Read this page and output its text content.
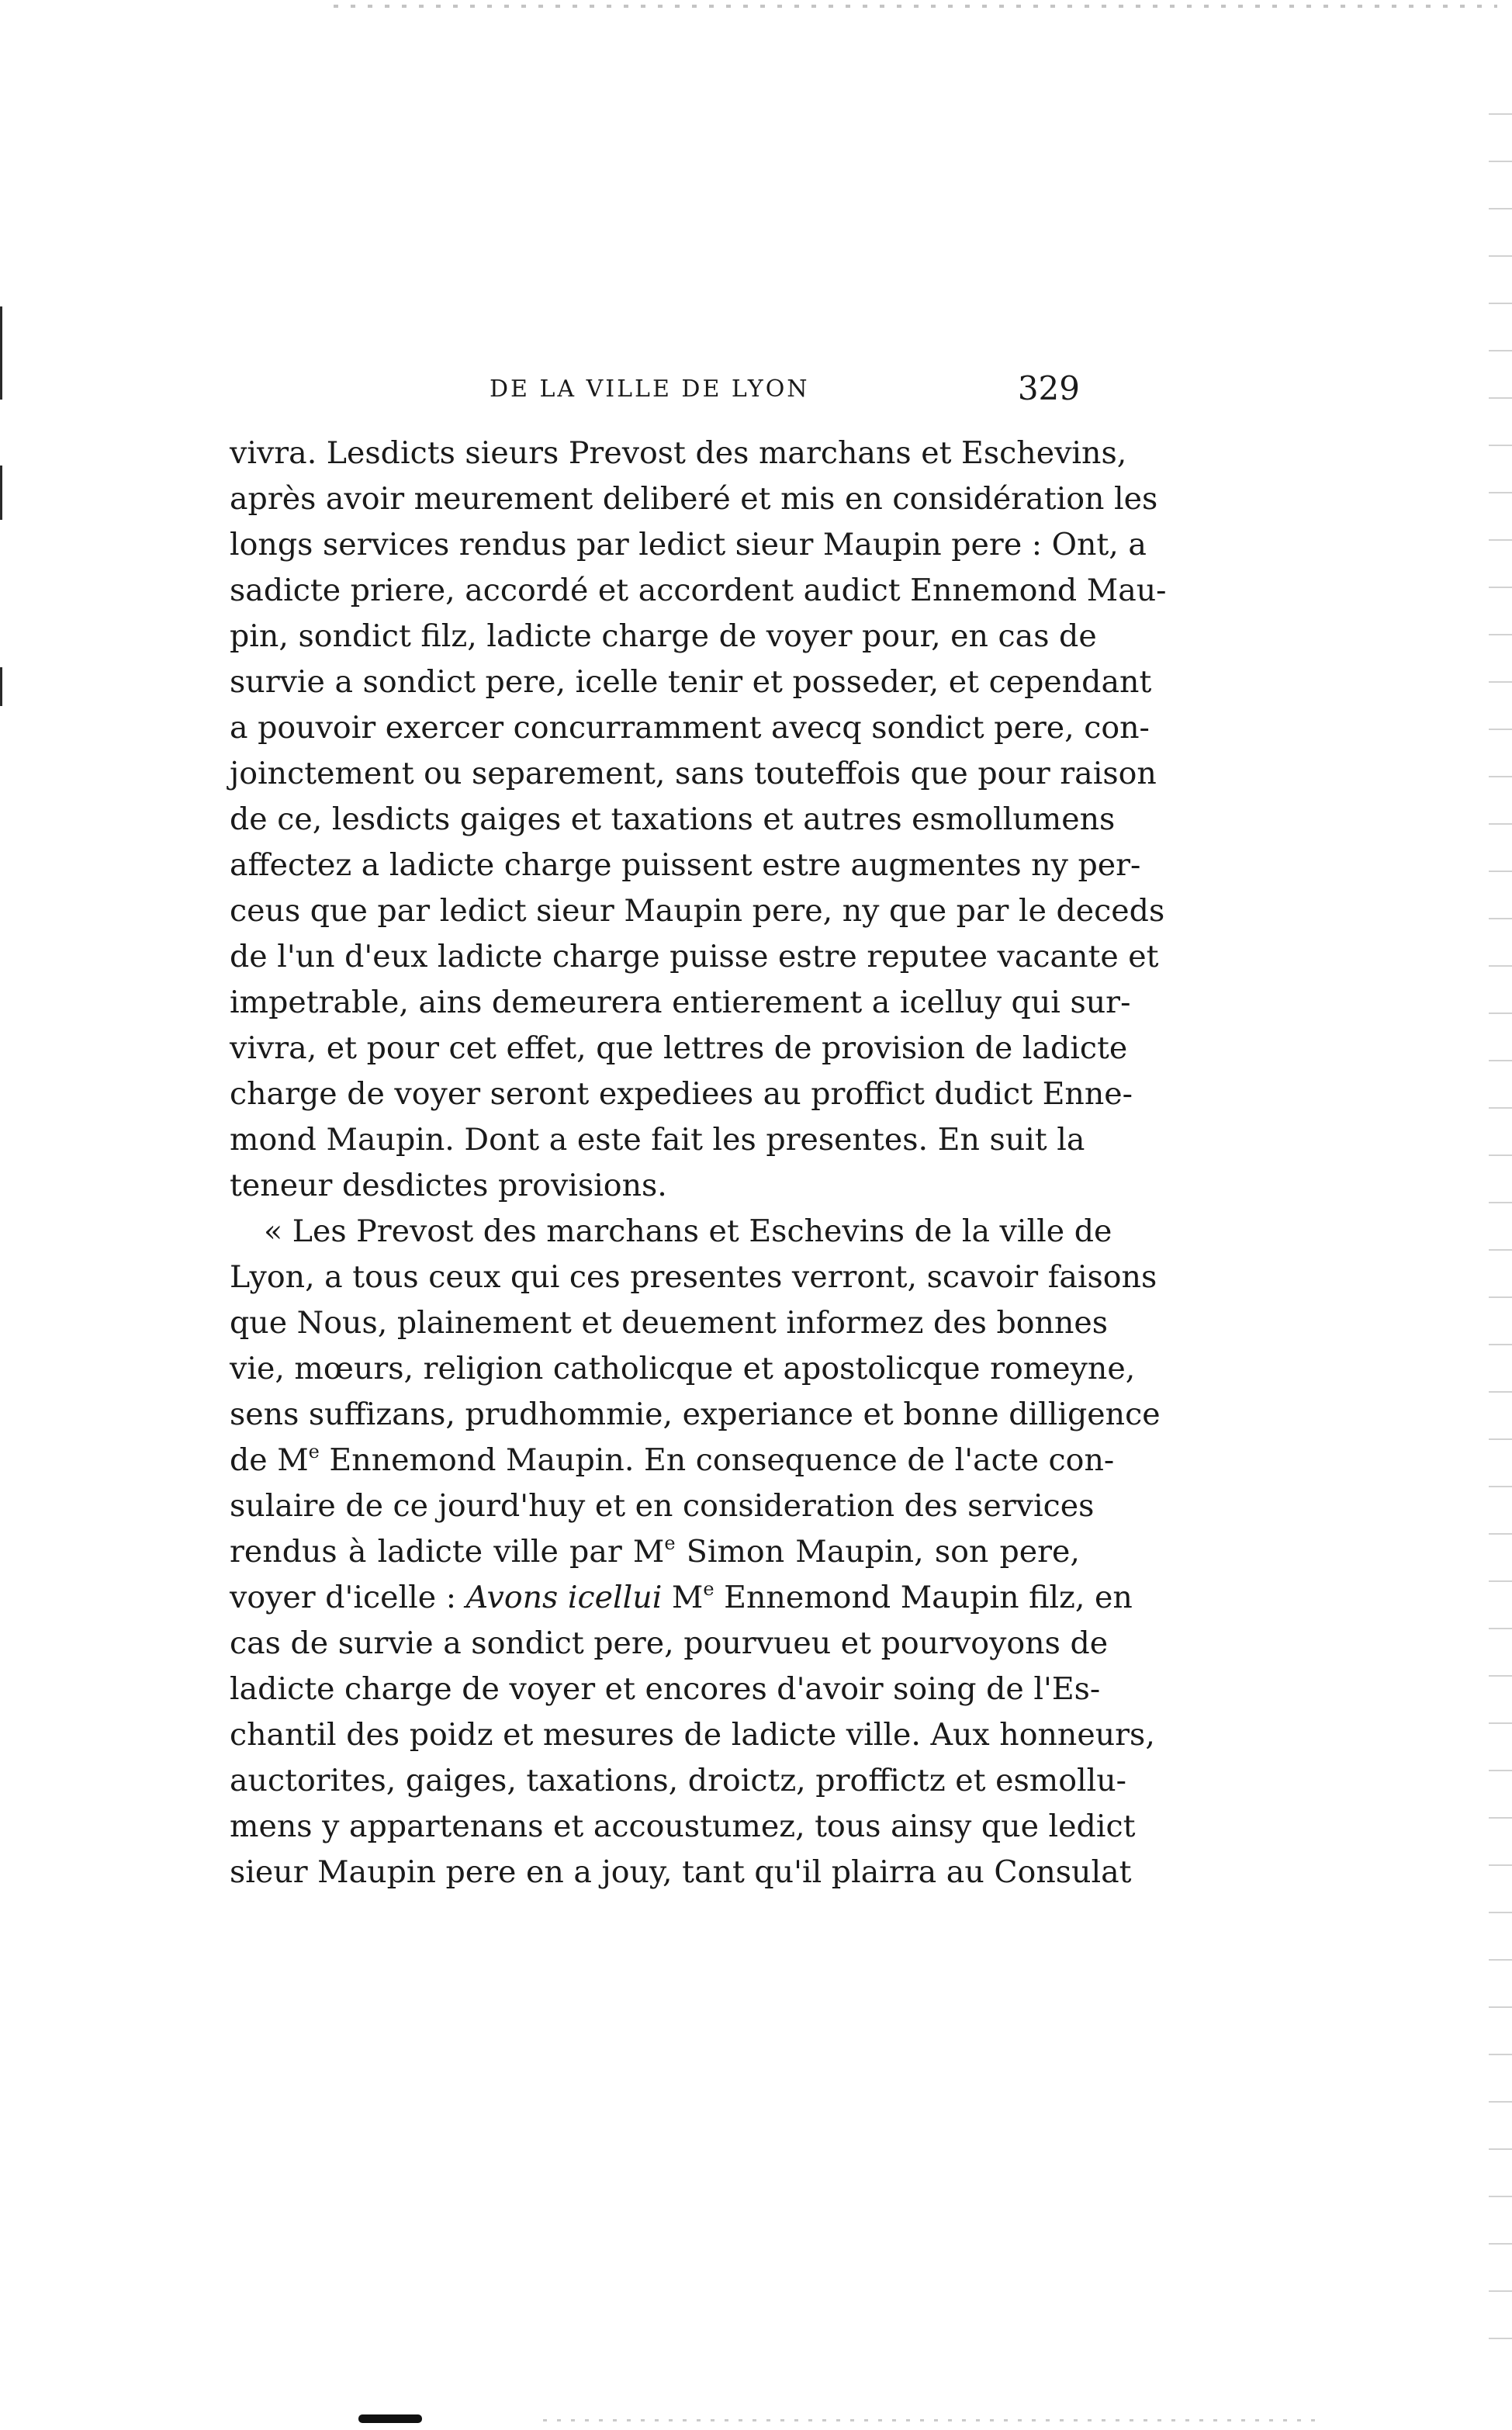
DE LA VILLE DE LYON	329
vivra. Lesdicts sieurs Prevost des marchans et Eschevins,
après avoir meurement deliberé et mis en considération les
longs services rendus par ledict sieur Maupin pere : Ont, a
sadicte priere, accordé et accordent audict Ennemond Mau-
pin, sondict filz, ladicte charge de voyer pour, en cas de
survie a sondict pere, icelle tenir et posseder, et cependant
a pouvoir exercer concurramment avecq sondict pere, con-
joinctement ou separement, sans touteffois que pour raison
de ce, lesdicts gaiges et taxations et autres esmollumens
affectez a ladicte charge puissent estre augmentes ny per-
ceus que par ledict sieur Maupin pere, ny que par le deceds
de l'un d'eux ladicte charge puisse estre reputee vacante et
impetrable, ains demeurera entierement a icelluy qui sur-
vivra, et pour cet effet, que lettres de provision de ladicte
charge de voyer seront expediees au proffict dudict Enne-
mond Maupin. Dont a este fait les presentes. En suit la
teneur desdictes provisions.
« Les Prevost des marchans et Eschevins de la ville de
Lyon, a tous ceux qui ces presentes verront, scavoir faisons
que Nous, plainement et deuement informez des bonnes
vie, mœurs, religion catholicque et apostolicque romeyne,
sens suffizans, prudhommie, experiance et bonne dilligence
de Me Ennemond Maupin. En consequence de l'acte con-
sulaire de ce jourd'huy et en consideration des services
rendus à ladicte ville par Me Simon Maupin, son pere,
voyer d'icelle : Avons icellui Me Ennemond Maupin filz, en
cas de survie a sondict pere, pourvueu et pourvoyons de
ladicte charge de voyer et encores d'avoir soing de l'Es-
chantil des poidz et mesures de ladicte ville. Aux honneurs,
auctorites, gaiges, taxations, droictz, proffictz et esmollu-
mens y appartenans et accoustumez, tous ainsy que ledict
sieur Maupin pere en a jouy, tant qu'il plairra au Consulat
